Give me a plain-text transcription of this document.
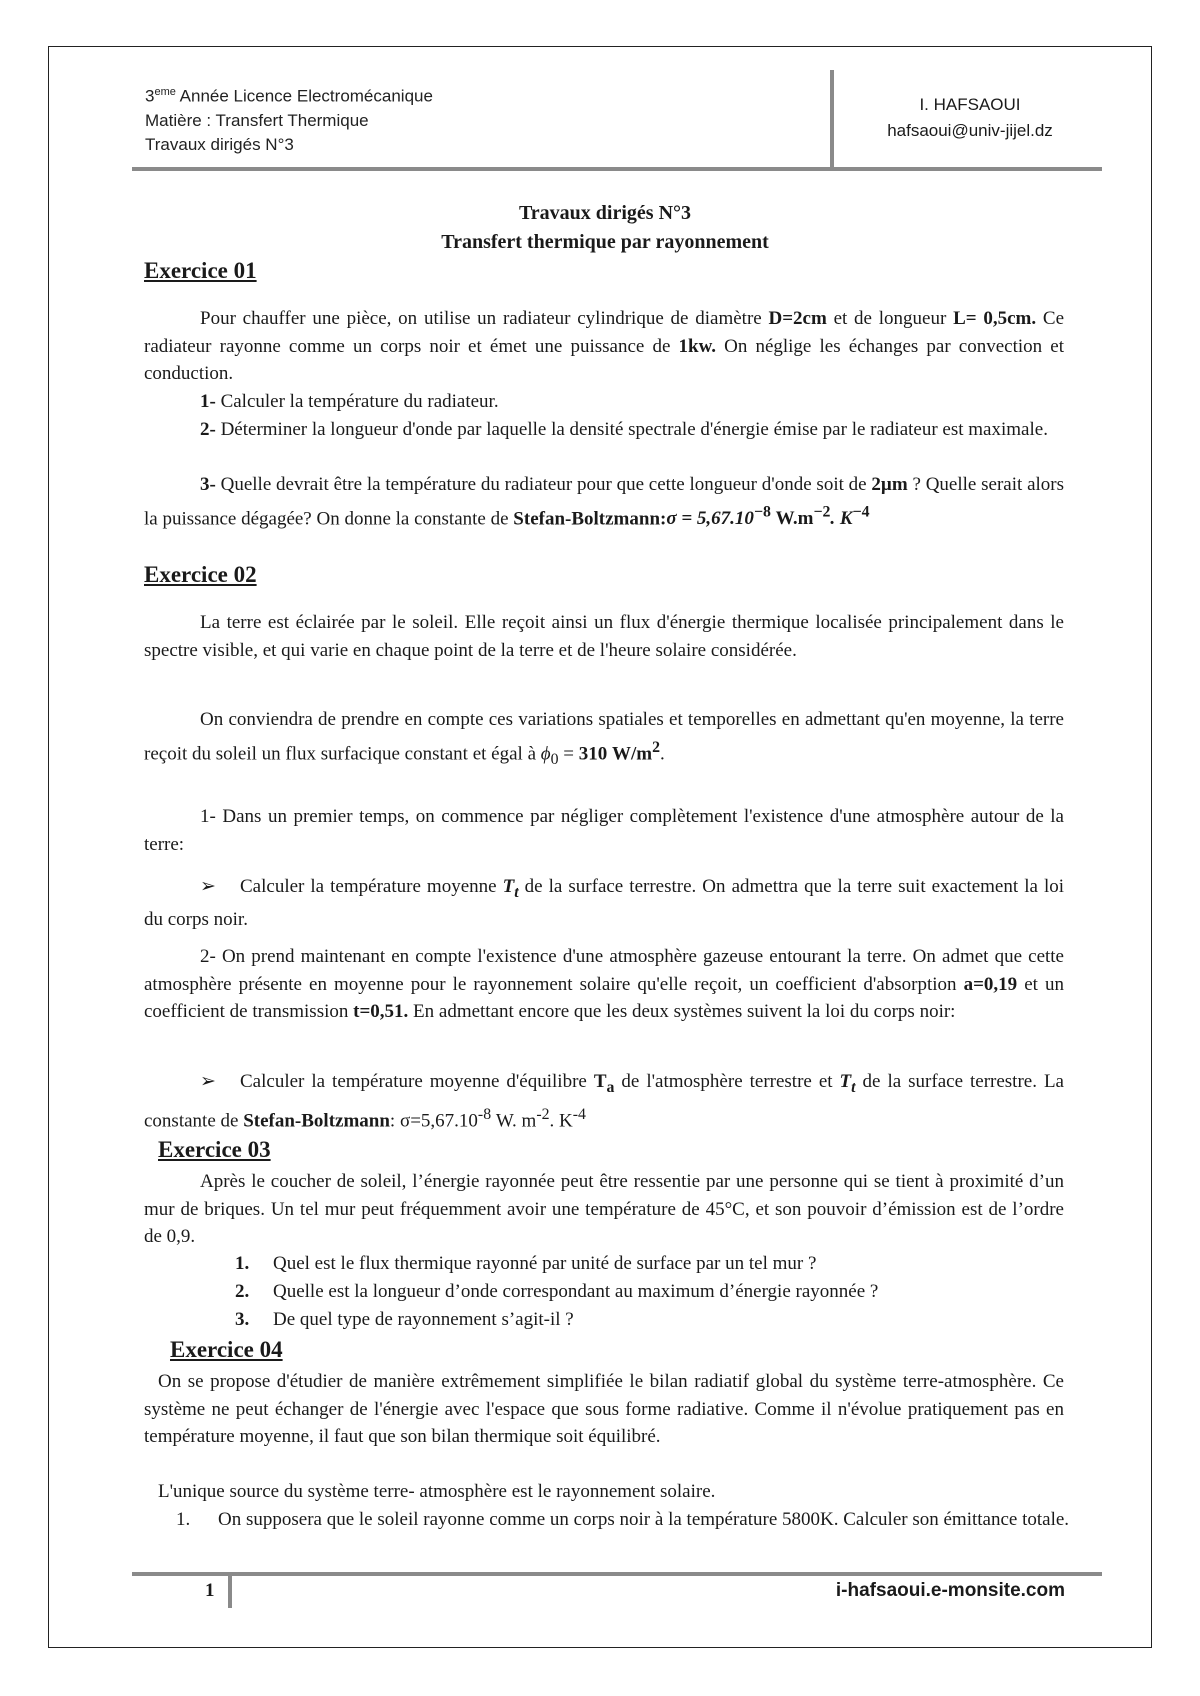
3eme Année Licence Electromécanique
Matière : Transfert Thermique
Travaux dirigés N°3
I. HAFSAOUI
hafsaoui@univ-jijel.dz
Travaux dirigés N°3
Transfert thermique par rayonnement
Exercice 01
Pour chauffer une pièce, on utilise un radiateur cylindrique de diamètre D=2cm et de longueur L= 0,5cm. Ce radiateur rayonne comme un corps noir et émet une puissance de 1kw. On néglige les échanges par convection et conduction.
1- Calculer la température du radiateur.
2- Déterminer la longueur d'onde par laquelle la densité spectrale d'énergie émise par le radiateur est maximale.
3- Quelle devrait être la température du radiateur pour que cette longueur d'onde soit de 2µm ? Quelle serait alors la puissance dégagée? On donne la constante de Stefan-Boltzmann:σ = $5,67.10^{-8}$ $W.m^{-2}$. $K^{-4}$
Exercice 02
La terre est éclairée par le soleil. Elle reçoit ainsi un flux d'énergie thermique localisée principalement dans le spectre visible, et qui varie en chaque point de la terre et de l'heure solaire considérée.
On conviendra de prendre en compte ces variations spatiales et temporelles en admettant qu'en moyenne, la terre reçoit du soleil un flux surfacique constant et égal à $\phi_0 = 310$ $W/m^2$.
1- Dans un premier temps, on commence par négliger complètement l'existence d'une atmosphère autour de la terre:
➢ Calculer la température moyenne $T_t$ de la surface terrestre. On admettra que la terre suit exactement la loi du corps noir.
2- On prend maintenant en compte l'existence d'une atmosphère gazeuse entourant la terre. On admet que cette atmosphère présente en moyenne pour le rayonnement solaire qu'elle reçoit, un coefficient d'absorption a=0,19 et un coefficient de transmission t=0,51. En admettant encore que les deux systèmes suivent la loi du corps noir:
➢ Calculer la température moyenne d'équilibre $T_a$ de l'atmosphère terrestre et $T_t$ de la surface terrestre. La constante de Stefan-Boltzmann: $\sigma=5,67.10^{-8}$ W. $m^{-2}$. $K^{-4}$
Exercice 03
Après le coucher de soleil, l’énergie rayonnée peut être ressentie par une personne qui se tient à proximité d’un mur de briques. Un tel mur peut fréquemment avoir une température de 45°C, et son pouvoir d’émission est de l’ordre de 0,9.
1. Quel est le flux thermique rayonné par unité de surface par un tel mur ?
2. Quelle est la longueur d’onde correspondant au maximum d’énergie rayonnée ?
3. De quel type de rayonnement s’agit-il ?
Exercice 04
On se propose d'étudier de manière extrêmement simplifiée le bilan radiatif global du système terre-atmosphère. Ce système ne peut échanger de l'énergie avec l'espace que sous forme radiative. Comme il n'évolue pratiquement pas en température moyenne, il faut que son bilan thermique soit équilibré.
L'unique source du système terre- atmosphère est le rayonnement solaire.
1. On supposera que le soleil rayonne comme un corps noir à la température 5800K. Calculer son émittance totale.
1	i-hafsaoui.e-monsite.com
